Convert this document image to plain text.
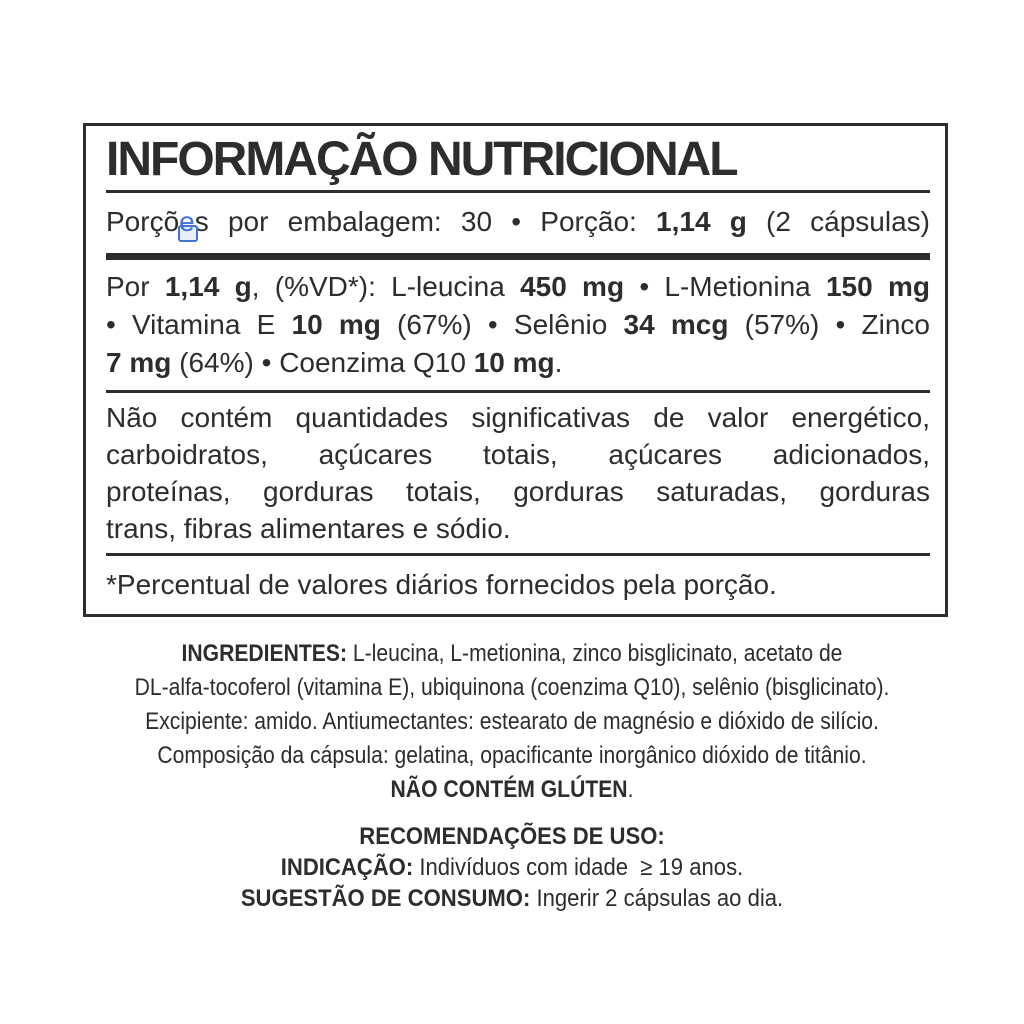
INFORMAÇÃO NUTRICIONAL
Porções por embalagem: 30 • Porção: 1,14 g (2 cápsulas)
Por 1,14 g, (%VD*): L-leucina 450 mg • L-Metionina 150 mg
• Vitamina E 10 mg (67%) • Selênio 34 mcg (57%) • Zinco
7 mg (64%) • Coenzima Q10 10 mg.
Não contém quantidades significativas de valor energético,
carboidratos, açúcares totais, açúcares adicionados,
proteínas, gorduras totais, gorduras saturadas, gorduras
trans, fibras alimentares e sódio.
*Percentual de valores diários fornecidos pela porção.
INGREDIENTES: L-leucina, L-metionina, zinco bisglicinato, acetato de
DL-alfa-tocoferol (vitamina E), ubiquinona (coenzima Q10), selênio (bisglicinato).
Excipiente: amido. Antiumectantes: estearato de magnésio e dióxido de silício.
Composição da cápsula: gelatina, opacificante inorgânico dióxido de titânio.
NÃO CONTÉM GLÚTEN.
RECOMENDAÇÕES DE USO:
INDICAÇÃO: Indivíduos com idade  ≥ 19 anos.
SUGESTÃO DE CONSUMO: Ingerir 2 cápsulas ao dia.
